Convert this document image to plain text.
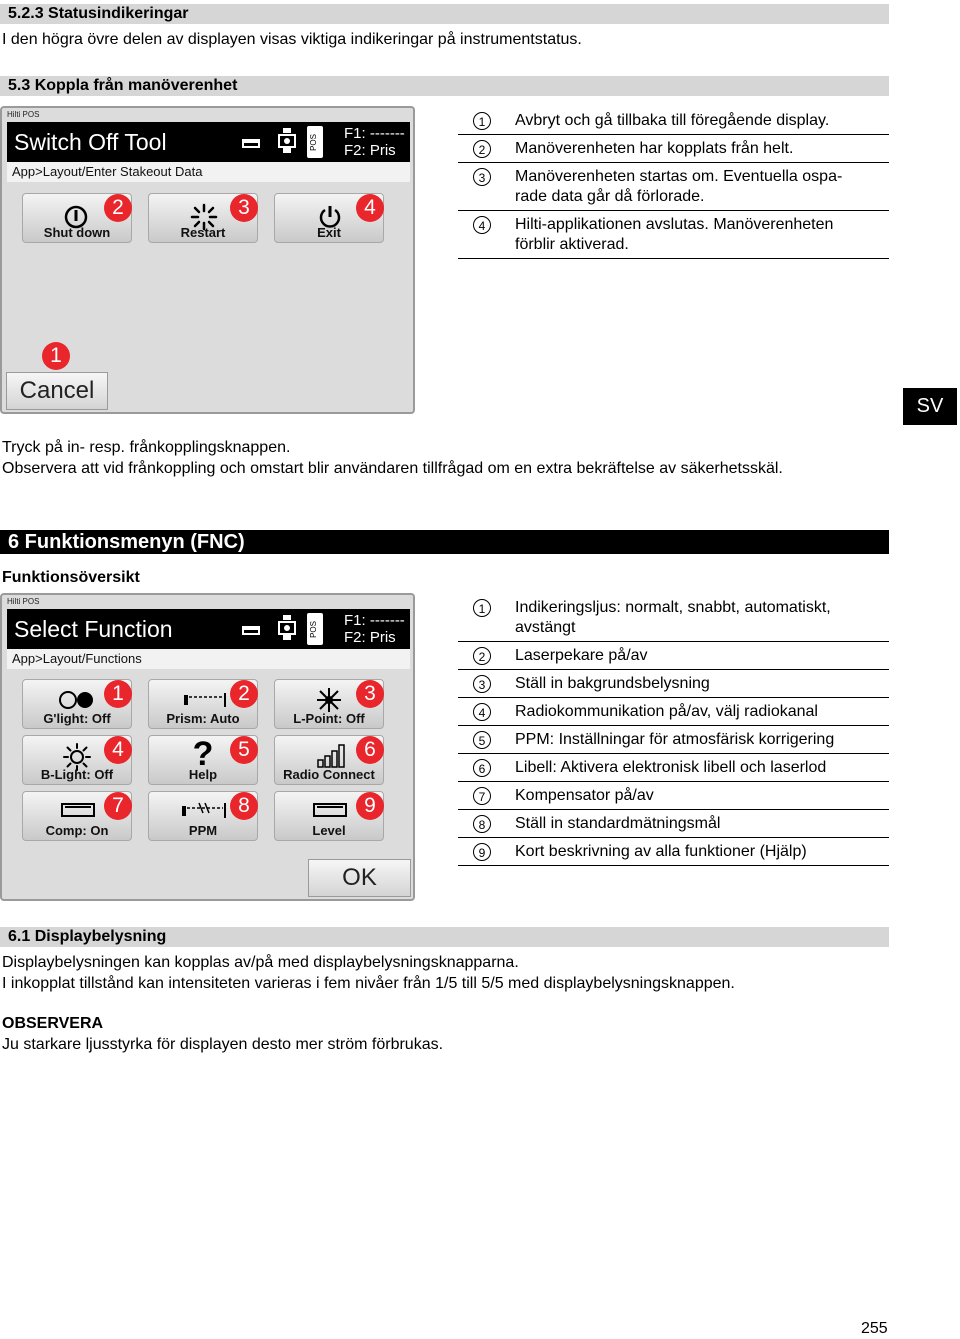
5.2.3 Statusindikeringar
I den högra övre delen av displayen visas viktiga indikeringar på instrumentstatus.
5.3 Koppla från manöverenhet
Hilti POS
Switch Off Tool	POS
F1: -------
F2: Pris
App>Layout/Enter Stakeout Data
Shut down
2
Restart
3
Exit
4
1
Cancel
1	Avbryt och gå tillbaka till föregående display.
2	Manöverenheten har kopplats från helt.
3	Manöverenheten startas om. Eventuella ospa-
rade data går då förlorade.
4	Hilti-applikationen avslutas. Manöverenheten
förblir aktiverad.
SV
Tryck på in- resp. frånkopplingsknappen.
Observera att vid frånkoppling och omstart blir användaren tillfrågad om en extra bekräftelse av säkerhetsskäl.
6 Funktionsmenyn (FNC)
Funktionsöversikt
Hilti POS
Select Function	POS
F1: -------
F2: Pris
App>Layout/Functions
G'light: Off
1
Prism: Auto
2
L-Point: Off
3
B-Light: Off
4	?
Help
5
Radio Connect
6
Comp: On
7
PPM
8
Level
9
OK
1	Indikeringsljus: normalt, snabbt, automatiskt,
avstängt
2	Laserpekare på/av
3	Ställ in bakgrundsbelysning
4	Radiokommunikation på/av, välj radiokanal
5	PPM: Inställningar för atmosfärisk korrigering
6	Libell: Aktivera elektronisk libell och laserlod
7	Kompensator på/av
8	Ställ in standardmätningsmål
9	Kort beskrivning av alla funktioner (Hjälp)
6.1 Displaybelysning
Displaybelysningen kan kopplas av/på med displaybelysningsknapparna.
I inkopplat tillstånd kan intensiteten varieras i fem nivåer från 1/5 till 5/5 med displaybelysningsknappen.
OBSERVERA
Ju starkare ljusstyrka för displayen desto mer ström förbrukas.
255
